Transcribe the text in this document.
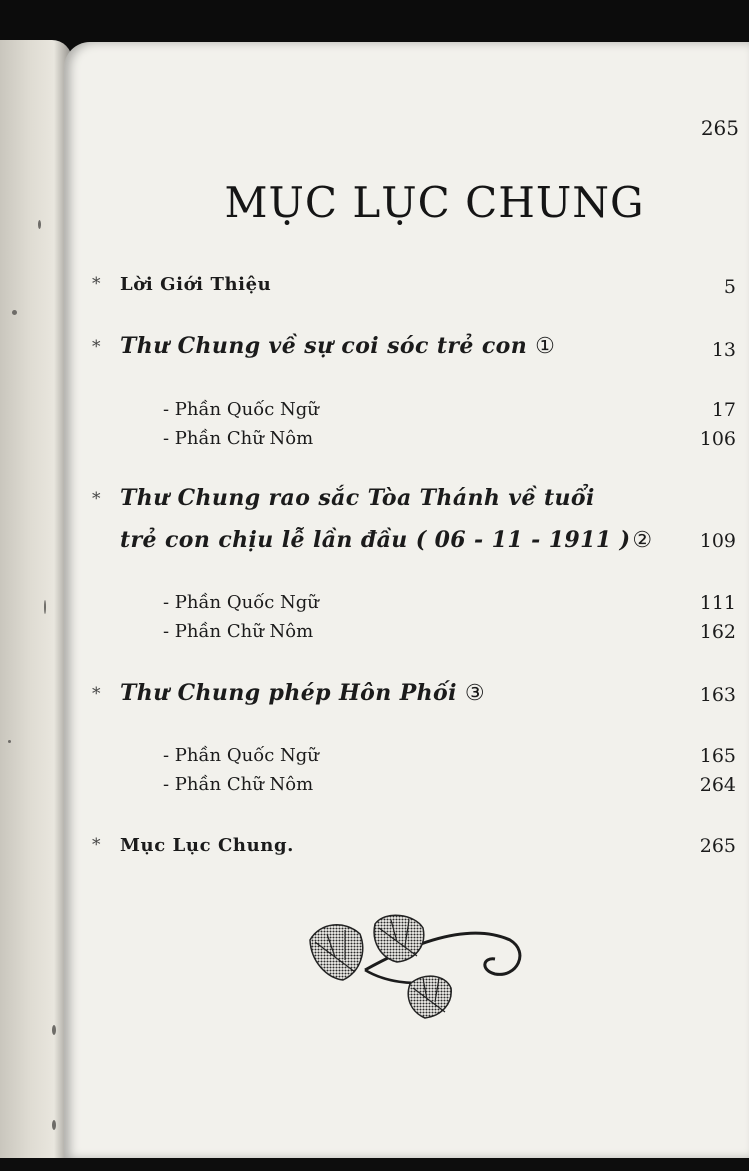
265
MỤC LỤC CHUNG
* Lời Giới Thiệu	5
* Thư Chung về sự coi sóc trẻ con ①	13
- Phần Quốc Ngữ	17
- Phần Chữ Nôm	106
* Thư Chung rao sắc Tòa Thánh về tuổi
trẻ con chịu lễ lần đầu ( 06 - 11 - 1911 )②	109
- Phần Quốc Ngữ	111
- Phần Chữ Nôm	162
* Thư Chung phép Hôn Phối ③	163
- Phần Quốc Ngữ	165
- Phần Chữ Nôm	264
* Mục Lục Chung.	265
